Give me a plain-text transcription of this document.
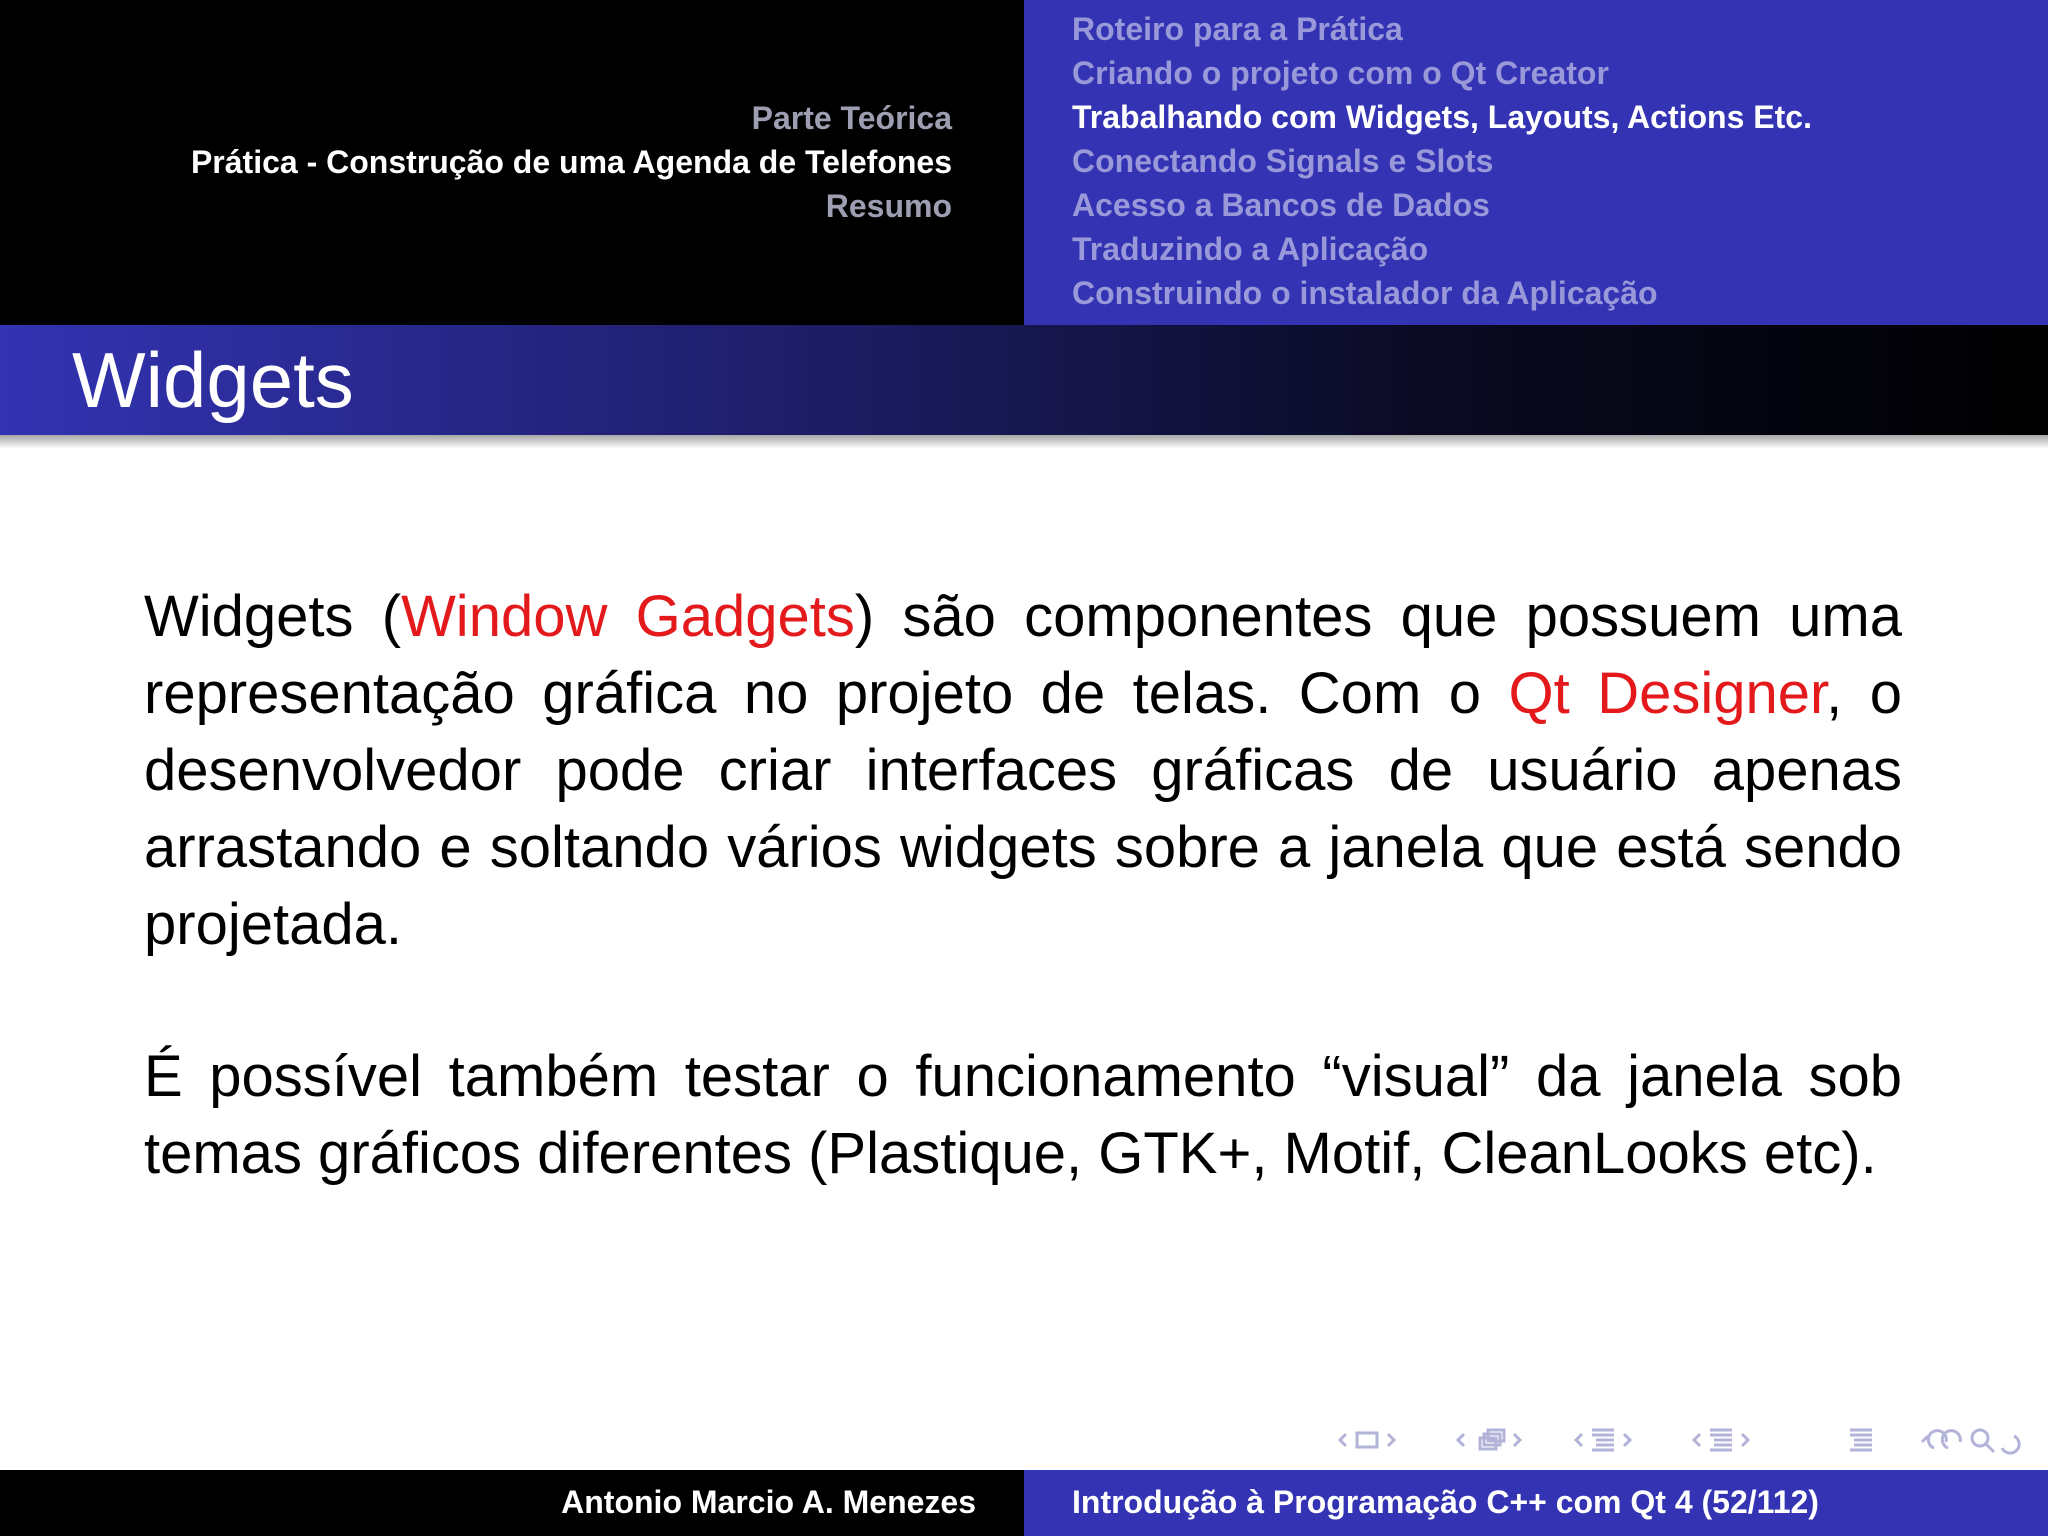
Parte Teórica
Prática - Construção de uma Agenda de Telefones
Resumo
Roteiro para a Prática
Criando o projeto com o Qt Creator
Trabalhando com Widgets, Layouts, Actions Etc.
Conectando Signals e Slots
Acesso a Bancos de Dados
Traduzindo a Aplicação
Construindo o instalador da Aplicação
Widgets
Widgets (Window Gadgets) são componentes que possuem uma representação gráfica no projeto de telas. Com o Qt Designer, o desenvolvedor pode criar interfaces gráficas de usuário apenas arrastando e soltando vários widgets sobre a janela que está sendo projetada.
É possível também testar o funcionamento “visual” da janela sob temas gráficos diferentes (Plastique, GTK+, Motif, CleanLooks etc).
Antonio Marcio A. Menezes	Introdução à Programação C++ com Qt 4 (52/112)
